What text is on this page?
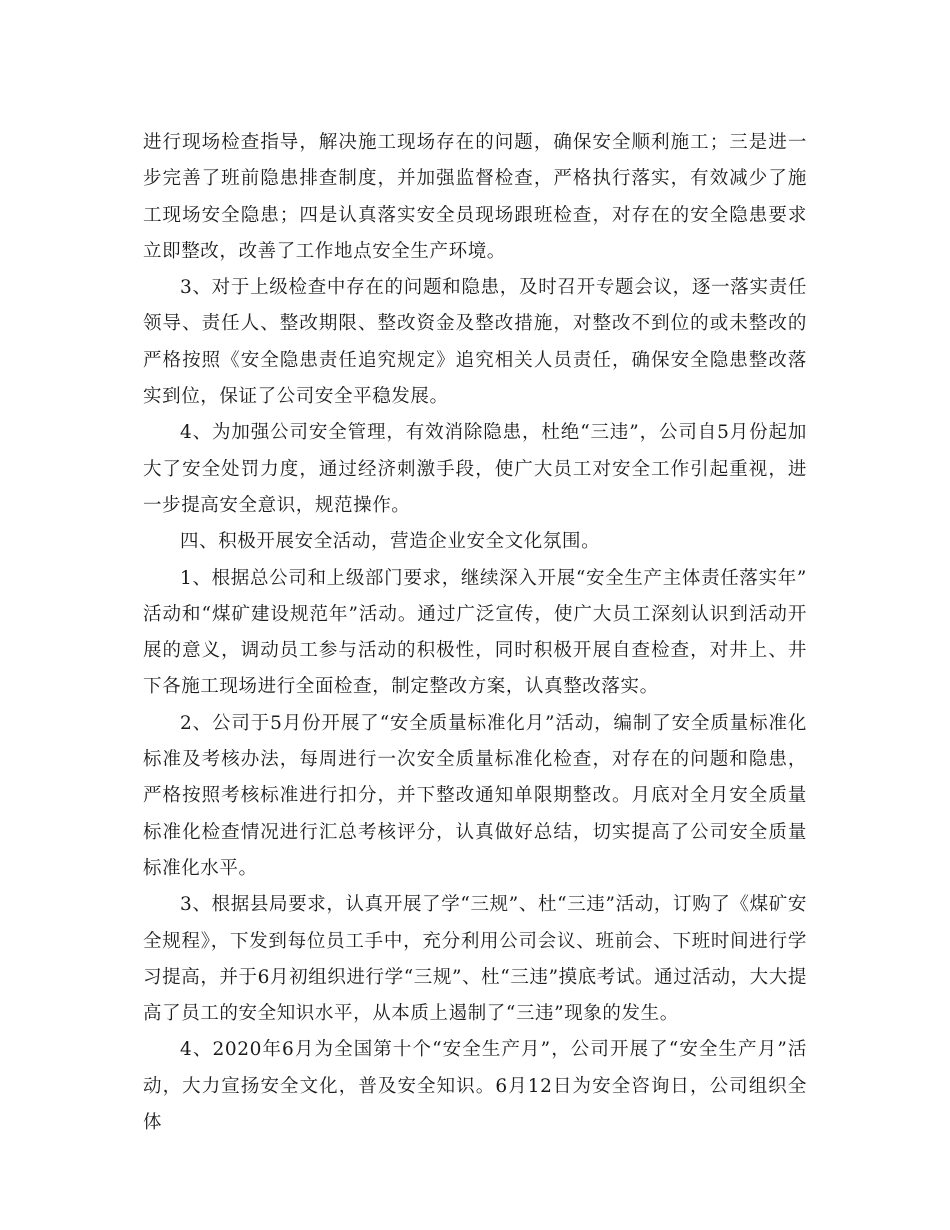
进行现场检查指导，解决施工现场存在的问题，确保安全顺利施工；三是进一步完善了班前隐患排查制度，并加强监督检查，严格执行落实，有效减少了施工现场安全隐患；四是认真落实安全员现场跟班检查，对存在的安全隐患要求立即整改，改善了工作地点安全生产环境。

3、对于上级检查中存在的问题和隐患，及时召开专题会议，逐一落实责任领导、责任人、整改期限、整改资金及整改措施，对整改不到位的或未整改的严格按照《安全隐患责任追究规定》追究相关人员责任，确保安全隐患整改落实到位，保证了公司安全平稳发展。

4、为加强公司安全管理，有效消除隐患，杜绝“三违”，公司自5月份起加大了安全处罚力度，通过经济刺激手段，使广大员工对安全工作引起重视，进一步提高安全意识，规范操作。

四、积极开展安全活动，营造企业安全文化氛围。

1、根据总公司和上级部门要求，继续深入开展“安全生产主体责任落实年”活动和“煤矿建设规范年”活动。通过广泛宣传，使广大员工深刻认识到活动开展的意义，调动员工参与活动的积极性，同时积极开展自查检查，对井上、井下各施工现场进行全面检查，制定整改方案，认真整改落实。

2、公司于5月份开展了“安全质量标准化月”活动，编制了安全质量标准化标准及考核办法，每周进行一次安全质量标准化检查，对存在的问题和隐患，严格按照考核标准进行扣分，并下整改通知单限期整改。月底对全月安全质量标准化检查情况进行汇总考核评分，认真做好总结，切实提高了公司安全质量标准化水平。

3、根据县局要求，认真开展了学“三规”、杜“三违”活动，订购了《煤矿安全规程》，下发到每位员工手中，充分利用公司会议、班前会、下班时间进行学习提高，并于6月初组织进行学“三规”、杜“三违”摸底考试。通过活动，大大提高了员工的安全知识水平，从本质上遏制了“三违”现象的发生。

4、2020年6月为全国第十个“安全生产月”，公司开展了“安全生产月”活动，大力宣扬安全文化，普及安全知识。6月12日为安全咨询日，公司组织全体
